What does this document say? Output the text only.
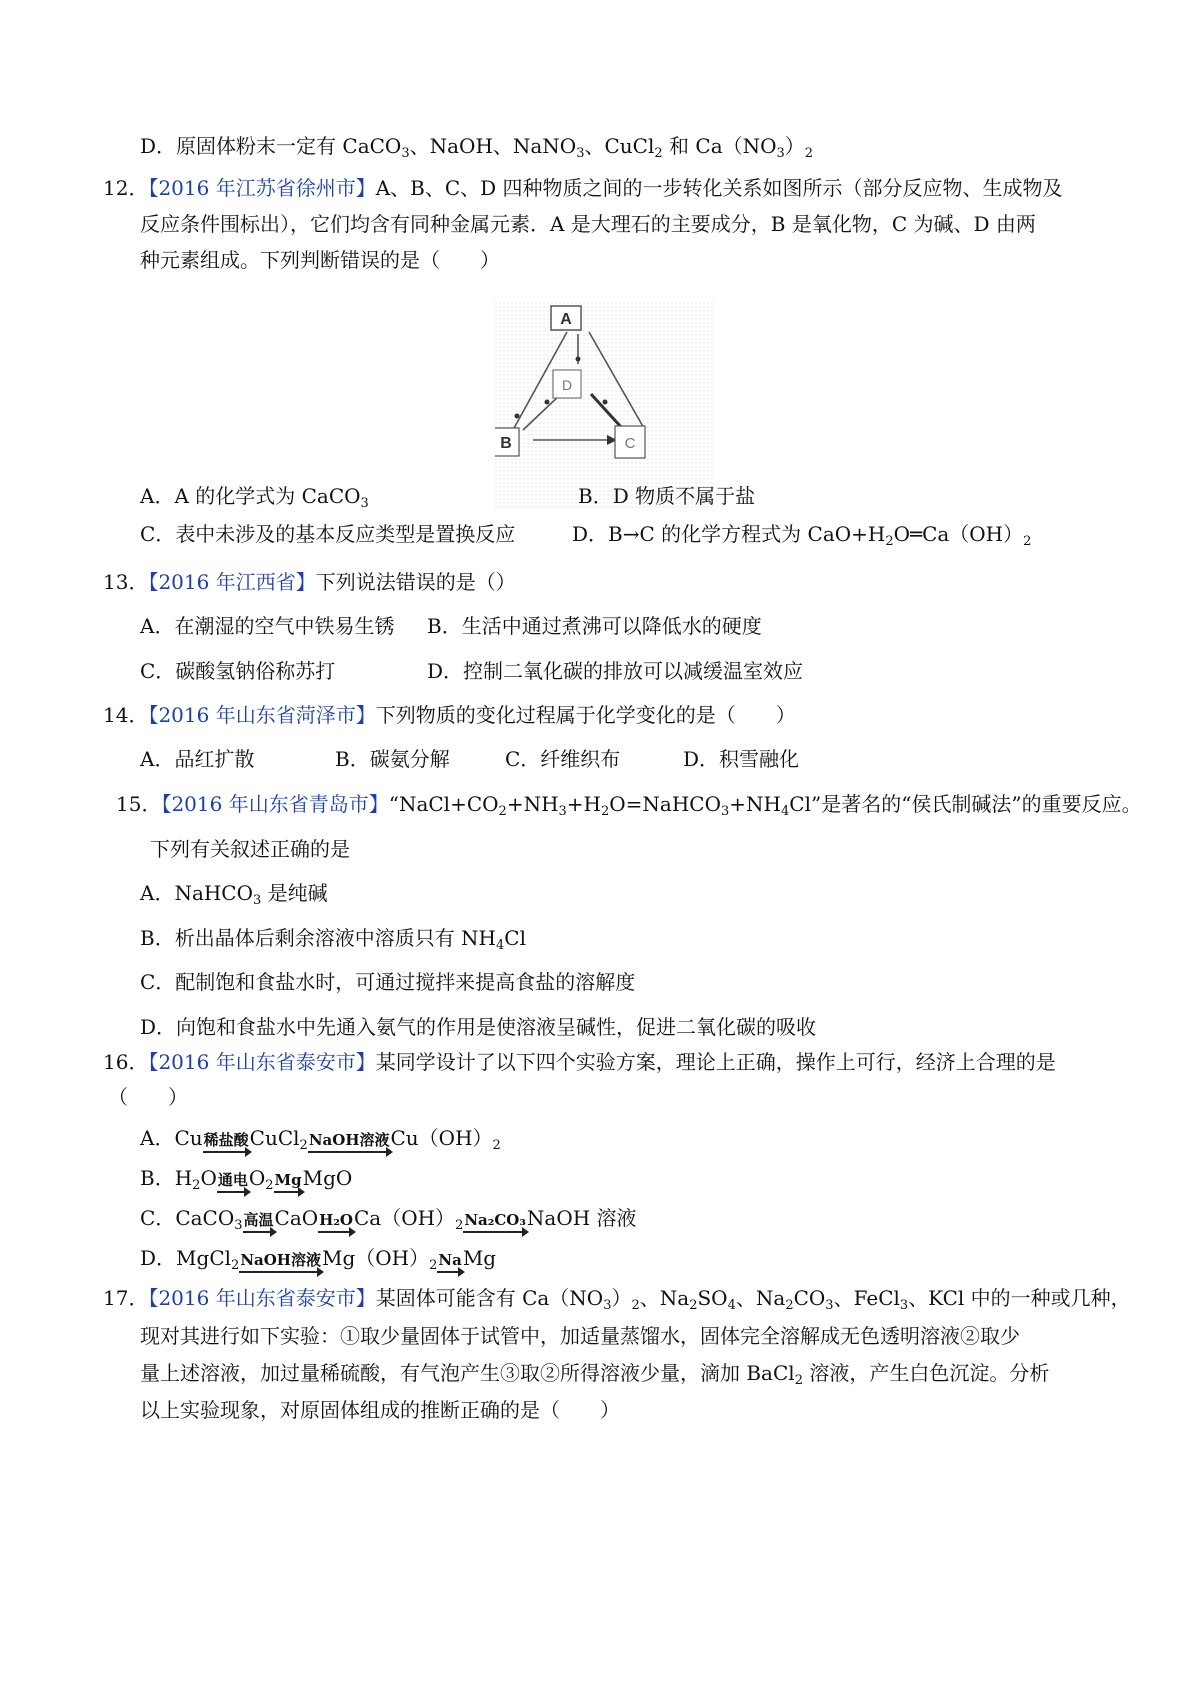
D．原固体粉末一定有 CaCO$_3$、NaOH、NaNO$_3$、CuCl$_2$ 和 $Ca(NO_3)_2$
12．【2016 年江苏省徐州市】A、B、C、D 四种物质之间的一步转化关系如图所示（部分反应物、生成物及
反应条件围标出），它们均含有同种金属元素．A 是大理石的主要成分，B 是氧化物，C 为碱、D 由两
种元素组成。下列判断错误的是（　　）
A
D
B	C
A．A 的化学式为 CaCO$_3$	B．D 物质不属于盐
C．表中未涉及的基本反应类型是置换反应	D．B→C 的化学方程式为 $CaO+H_2O═Ca(OH)_2$
13．【2016 年江西省】下列说法错误的是（）
A．在潮湿的空气中铁易生锈 B．生活中通过煮沸可以降低水的硬度
C．碳酸氢钠俗称苏打	D．控制二氧化碳的排放可以减缓温室效应
14．【2016 年山东省菏泽市】下列物质的变化过程属于化学变化的是（　　）
A．品红扩散	B．碳氨分解	C．纤维织布	D．积雪融化
15．【2016 年山东省青岛市】“$NaCl+CO_2+NH_3+H_2O=NaHCO_3+NH_4Cl$”是著名的“侯氏制碱法”的重要反应。
下列有关叙述正确的是
A．NaHCO$_3$ 是纯碱
B．析出晶体后剩余溶液中溶质只有 $NH_4Cl$
C．配制饱和食盐水时，可通过搅拌来提高食盐的溶解度
D．向饱和食盐水中先通入氨气的作用是使溶液呈碱性，促进二氧化碳的吸收
16．【2016 年山东省泰安市】某同学设计了以下四个实验方案，理论上正确，操作上可行，经济上合理的是
（　　）
A．Cu稀盐酸CuCl$_2$NaOH溶液$Cu(OH)_2$
B．$H_2O$通电$O_2MgMgO$
C．CaCO$_3$高温$CaOH_2OCa(OH)_2Na_2CO_3NaOH$ 溶液
D．MgCl$_2$NaOH溶液$Mg(OH)_2NaMg$
17．【2016 年山东省泰安市】某固体可能含有 $Ca(NO_3)_2$、$Na_2SO_4$、$Na_2CO_3$、FeCl$_3$、KCl 中的一种或几种，
现对其进行如下实验：①取少量固体于试管中，加适量蒸馏水，固体完全溶解成无色透明溶液②取少
量上述溶液，加过量稀硫酸，有气泡产生③取②所得溶液少量，滴加 BaCl$_2$ 溶液，产生白色沉淀。分析
以上实验现象，对原固体组成的推断正确的是（　　）
